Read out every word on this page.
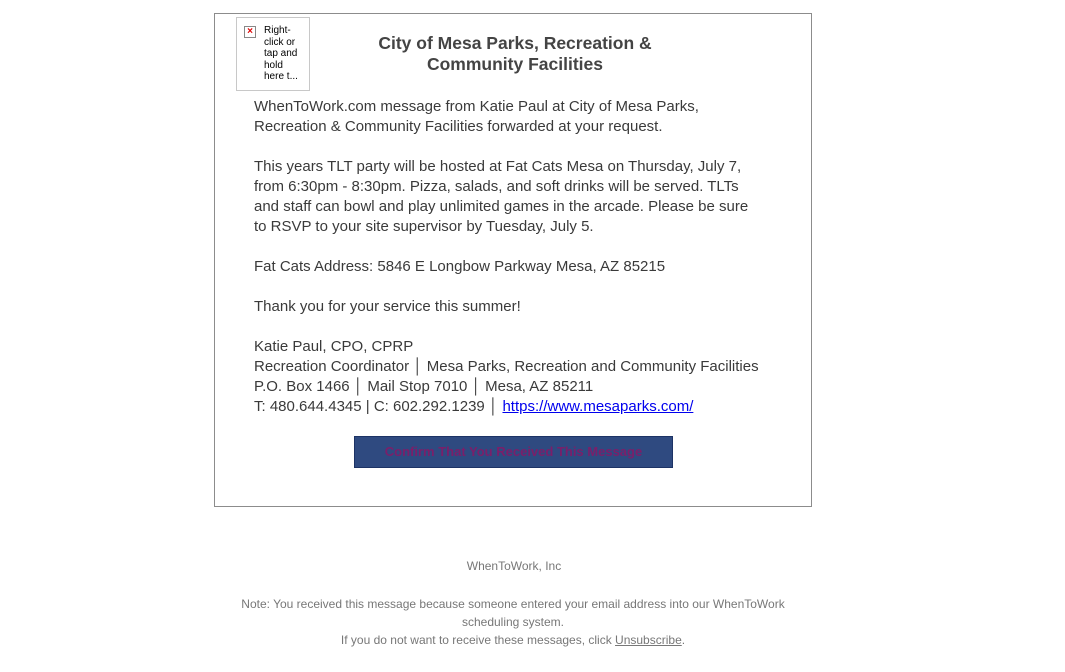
×	Right-click or tap and hold here t...
City of Mesa Parks, Recreation &
Community Facilities

WhenToWork.com message from Katie Paul at City of Mesa Parks,
Recreation & Community Facilities forwarded at your request.

This years TLT party will be hosted at Fat Cats Mesa on Thursday, July 7,
from 6:30pm - 8:30pm. Pizza, salads, and soft drinks will be served. TLTs
and staff can bowl and play unlimited games in the arcade. Please be sure
to RSVP to your site supervisor by Tuesday, July 5.

Fat Cats Address: 5846 E Longbow Parkway Mesa, AZ 85215

Thank you for your service this summer!

Katie Paul, CPO, CPRP
Recreation Coordinator │ Mesa Parks, Recreation and Community Facilities
P.O. Box 1466 │ Mail Stop 7010 │ Mesa, AZ 85211
T: 480.644.4345 | C: 602.292.1239 │ https://www.mesaparks.com/

Confirm That You Received This Message
WhenToWork, Inc
Note: You received this message because someone entered your email address into our WhenToWork
scheduling system.
If you do not want to receive these messages, click Unsubscribe.
